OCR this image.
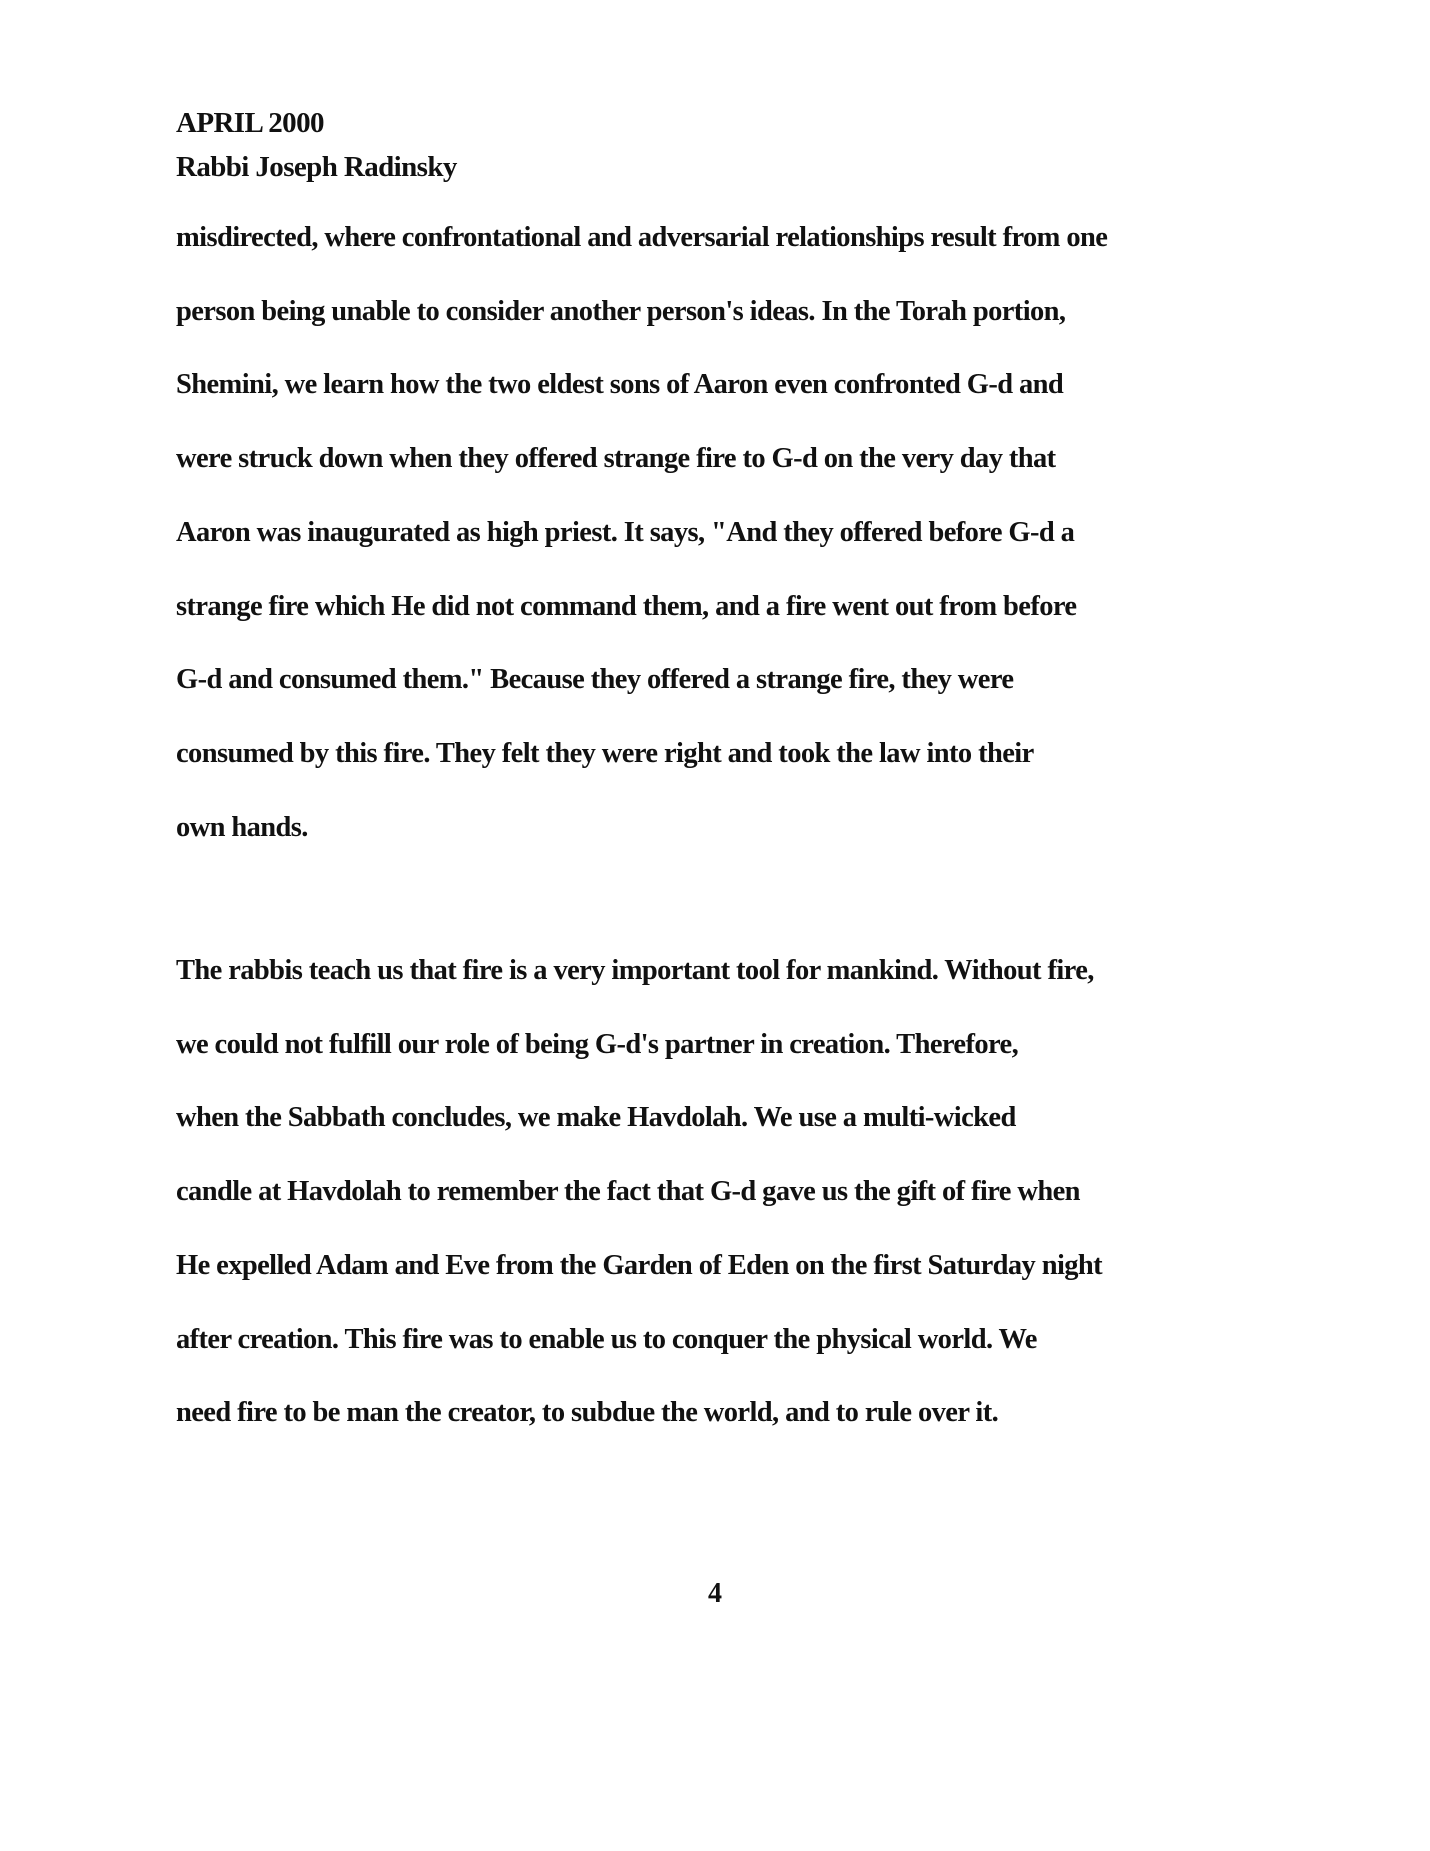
APRIL 2000
Rabbi Joseph Radinsky
misdirected, where confrontational and adversarial relationships result from one
person being unable to consider another person's ideas. In the Torah portion,
Shemini, we learn how the two eldest sons of Aaron even confronted G-d and
were struck down when they offered strange fire to G-d on the very day that
Aaron was inaugurated as high priest. It says, "And they offered before G-d a
strange fire which He did not command them, and a fire went out from before
G-d and consumed them." Because they offered a strange fire, they were
consumed by this fire. They felt they were right and took the law into their
own hands.
The rabbis teach us that fire is a very important tool for mankind. Without fire,
we could not fulfill our role of being G-d's partner in creation. Therefore,
when the Sabbath concludes, we make Havdolah. We use a multi-wicked
candle at Havdolah to remember the fact that G-d gave us the gift of fire when
He expelled Adam and Eve from the Garden of Eden on the first Saturday night
after creation. This fire was to enable us to conquer the physical world. We
need fire to be man the creator, to subdue the world, and to rule over it.
4
